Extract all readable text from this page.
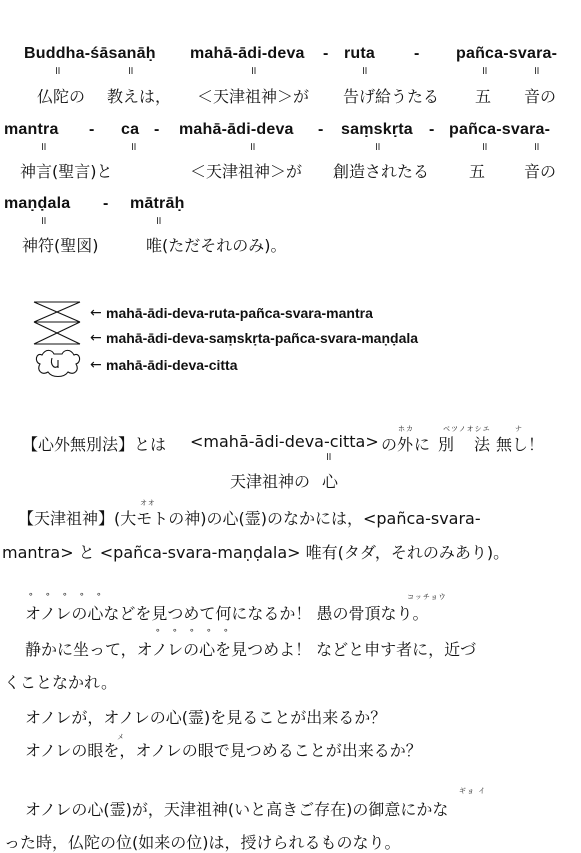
Buddha-śāsanāḥ mahā-ādi-deva - ruta - pañca-svara-
॥	॥	॥	॥	॥	॥
仏陀の 教えは， ＜天津祖神＞が 告げ給うたる 五 音の
mantra - ca - mahā-ādi-deva - saṃskṛta - pañca-svara-
॥	॥	॥	॥	॥	॥
神言(聖言)と	＜天津祖神＞が 創造されたる 五 音の
maṇḍala - mātrāḥ
॥	॥
神符(聖図)	唯(ただそれのみ)。
← mahā-ādi-deva-ruta-pañca-svara-mantra
← mahā-ādi-deva-saṃskṛta-pañca-svara-maṇḍala
← mahā-ādi-deva-citta
ホカ	ベツノオシエ	ナ
【心外無別法】とは <mahā-ādi-deva-citta> の 外 に 別 法 無し！
॥
天津祖神の 心
オオ
【天津祖神】(大モトの神)の心(霊)のなかには，<pañca-svara-
mantra> と <pañca-svara-maṇḍala> 唯有(タダ，それのみあり)。
∘ ∘ ∘ ∘ ∘	コッチョウ
オノレの心などを見つめて何になるか！ 愚の骨頂なり。
∘ ∘ ∘ ∘ ∘
静かに坐って，オノレの心を見つめよ！ などと申す者に，近づ
くことなかれ。
オノレが，オノレの心(霊)を見ることが出来るか？
メ
オノレの眼を，オノレの眼で見つめることが出来るか？
ギョ イ
オノレの心(霊)が，天津祖神(いと高きご存在)の御意にかな
った時，仏陀の位(如来の位)は，授けられるものなり。
